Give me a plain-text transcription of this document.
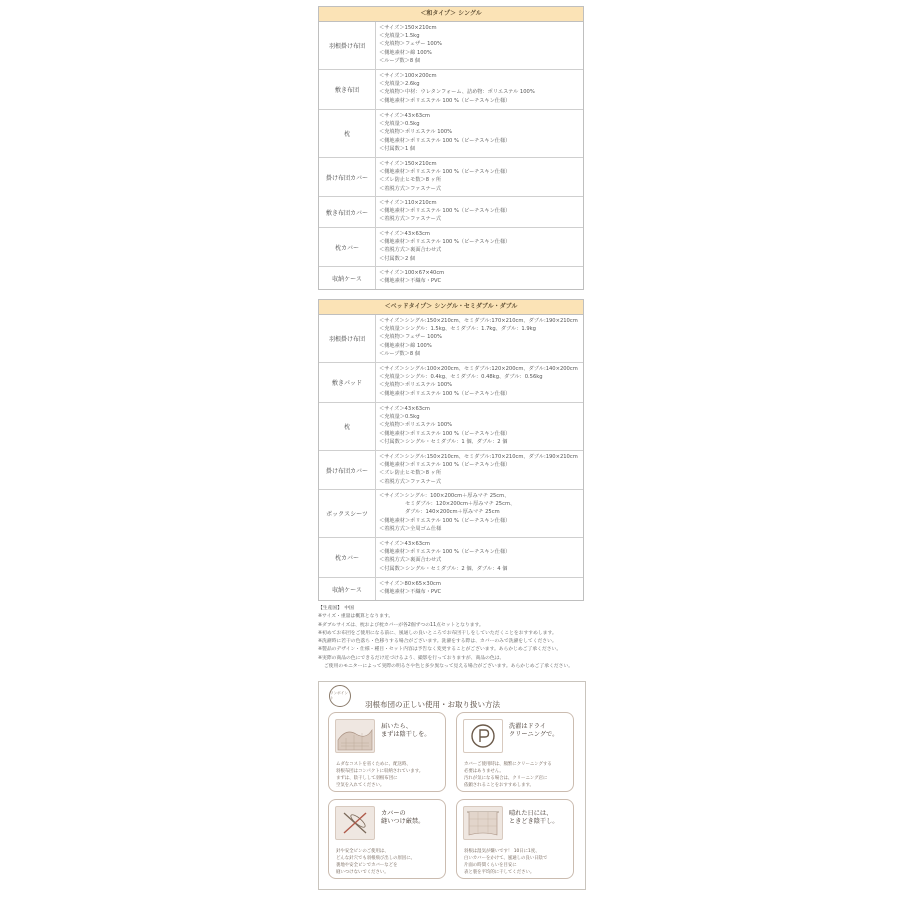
＜和タイプ＞ シングル
羽根掛け布団
＜サイズ＞150×210cm
＜充填量＞1.5kg
＜充填物＞フェザー 100%
＜側地素材＞綿 100%
＜ループ数＞8 個
敷き布団
＜サイズ＞100×200cm
＜充填量＞2.6kg
＜充填物＞中材：ウレタンフォーム、詰め物：ポリエステル 100%
＜側地素材＞ポリエステル 100 %（ピーチスキン仕様）
枕
＜サイズ＞43×63cm
＜充填量＞0.5kg
＜充填物＞ポリエステル 100%
＜側地素材＞ポリエステル 100 %（ピーチスキン仕様）
＜付属数＞1 個
掛け布団カバー
＜サイズ＞150×210cm
＜側地素材＞ポリエステル 100 %（ピーチスキン仕様）
＜ズレ防止ヒモ数＞8 ヶ所
＜着脱方式＞ファスナー式
敷き布団カバー
＜サイズ＞110×210cm
＜側地素材＞ポリエステル 100 %（ピーチスキン仕様）
＜着脱方式＞ファスナー式
枕カバー
＜サイズ＞43×63cm
＜側地素材＞ポリエステル 100 %（ピーチスキン仕様）
＜着脱方式＞裏面合わせ式
＜付属数＞2 個
収納ケース
＜サイズ＞100×67×40cm
＜側地素材＞不織布・PVC
＜ベッドタイプ＞ シングル・セミダブル・ダブル
羽根掛け布団
＜サイズ＞シングル:150×210cm、セミダブル:170×210cm、ダブル:190×210cm
＜充填量＞シングル：1.5kg、セミダブル：1.7kg、ダブル：1.9kg
＜充填物＞フェザー 100%
＜側地素材＞綿 100%
＜ループ数＞8 個
敷きパッド
＜サイズ＞シングル:100×200cm、セミダブル:120×200cm、ダブル:140×200cm
＜充填量＞シングル：0.4kg、セミダブル：0.48kg、ダブル：0.56kg
＜充填物＞ポリエステル 100%
＜側地素材＞ポリエステル 100 %（ピーチスキン仕様）
枕
＜サイズ＞43×63cm
＜充填量＞0.5kg
＜充填物＞ポリエステル 100%
＜側地素材＞ポリエステル 100 %（ピーチスキン仕様）
＜付属数＞シングル・セミダブル：1 個、ダブル：2 個
掛け布団カバー
＜サイズ＞シングル:150×210cm、セミダブル:170×210cm、ダブル:190×210cm
＜側地素材＞ポリエステル 100 %（ピーチスキン仕様）
＜ズレ防止ヒモ数＞8 ヶ所
＜着脱方式＞ファスナー式
ボックスシーツ
＜サイズ＞シングル：100×200cm＋厚みマチ 25cm、
　　　　　セミダブル：120×200cm＋厚みマチ 25cm、
　　　　　ダブル：140×200cm＋厚みマチ 25cm
＜側地素材＞ポリエステル 100 %（ピーチスキン仕様）
＜着脱方式＞全周ゴム仕様
枕カバー
＜サイズ＞43×63cm
＜側地素材＞ポリエステル 100 %（ピーチスキン仕様）
＜着脱方式＞裏面合わせ式
＜付属数＞シングル・セミダブル：2 個、ダブル：4 個
収納ケース
＜サイズ＞80×65×30cm
＜側地素材＞不織布・PVC
【生産国】　中国
※サイズ・重量は概算となります。
※ダブルサイズは、枕および枕カバーが各2個ずつの11点セットとなります。
※初めてお布団をご使用になる前に、風通しの良いところでお布団干しをしていただくことをおすすめします。
※洗濯時に若干の色落ち・色移りする場合がございます。洗濯をする際は、カバーのみで洗濯をしてください。
※製品のデザイン・仕様・種目・セット内容は予告なく変更することがございます。あらかじめご了承ください。
※実際の商品の色にできるだけ近づけるよう、撮影を行っておりますが、商品の色は、
ご使用のモニターによって実際の明るさや色と多少異なって見える場合がございます。あらかじめご了承ください。
ワンポイント
羽根布団の正しい使用・お取り扱い方法
届いたら、
まずは陰干しを。
ムダなコストを省くために、配送時、
羽根布団はコンパクトに収納されています。
まずは、陰干しして羽根布団に
空気を入れてください。
洗濯はドライ
クリーニングで。
カバーご使用時は、頻繁にクリーニングする
必要はありません。
汚れが気になる場合は、クリーニング店に
依頼されることをおすすめします。
カバーの
縫いつけ厳禁。
針や安全ピンのご使用は、
どんな針穴でも羽根飛び出しの原因に。
裏地や安全ピンでカバーなどを
縫いつけないでください。
晴れた日には、
ときどき陰干し。
羽根は湿気が嫌いです！ 10日に1度、
白いカバーをかけて、風通しの良い日陰で
片面の時間くらいを目安に
表と裏を平均的に干してください。
